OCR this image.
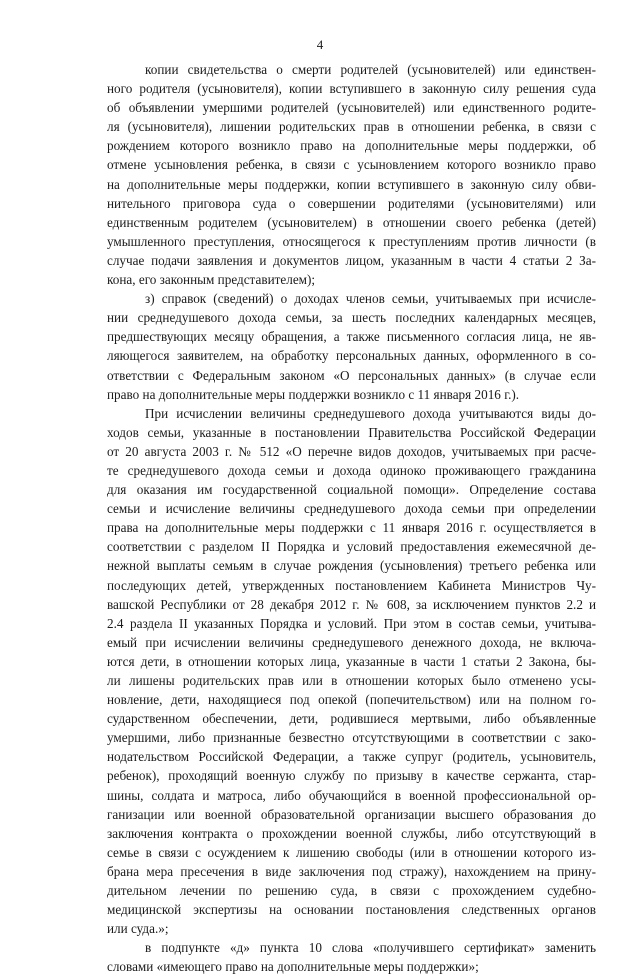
4
копии свидетельства о смерти родителей (усыновителей) или единствен-
ного родителя (усыновителя), копии вступившего в законную силу решения суда
об объявлении умершими родителей (усыновителей) или единственного родите-
ля (усыновителя), лишении родительских прав в отношении ребенка, в связи с
рождением которого возникло право на дополнительные меры поддержки, об
отмене усыновления ребенка, в связи с усыновлением которого возникло право
на дополнительные меры поддержки, копии вступившего в законную силу обви-
нительного приговора суда о совершении родителями (усыновителями) или
единственным родителем (усыновителем) в отношении своего ребенка (детей)
умышленного преступления, относящегося к преступлениям против личности (в
случае подачи заявления и документов лицом, указанным в части 4 статьи 2 За-
кона, его законным представителем);
з) справок (сведений) о доходах членов семьи, учитываемых при исчисле-
нии среднедушевого дохода семьи, за шесть последних календарных месяцев,
предшествующих месяцу обращения, а также письменного согласия лица, не яв-
ляющегося заявителем, на обработку персональных данных, оформленного в со-
ответствии с Федеральным законом «О персональных данных» (в случае если
право на дополнительные меры поддержки возникло с 11 января 2016 г.).
При исчислении величины среднедушевого дохода учитываются виды до-
ходов семьи, указанные в постановлении Правительства Российской Федерации
от 20 августа 2003 г. № 512 «О перечне видов доходов, учитываемых при расче-
те среднедушевого дохода семьи и дохода одиноко проживающего гражданина
для оказания им государственной социальной помощи». Определение состава
семьи и исчисление величины среднедушевого дохода семьи при определении
права на дополнительные меры поддержки с 11 января 2016 г. осуществляется в
соответствии с разделом II Порядка и условий предоставления ежемесячной де-
нежной выплаты семьям в случае рождения (усыновления) третьего ребенка или
последующих детей, утвержденных постановлением Кабинета Министров Чу-
вашской Республики от 28 декабря 2012 г. № 608, за исключением пунктов 2.2 и
2.4 раздела II указанных Порядка и условий. При этом в состав семьи, учитыва-
емый при исчислении величины среднедушевого денежного дохода, не включа-
ются дети, в отношении которых лица, указанные в части 1 статьи 2 Закона, бы-
ли лишены родительских прав или в отношении которых было отменено усы-
новление, дети, находящиеся под опекой (попечительством) или на полном го-
сударственном обеспечении, дети, родившиеся мертвыми, либо объявленные
умершими, либо признанные безвестно отсутствующими в соответствии с зако-
нодательством Российской Федерации, а также супруг (родитель, усыновитель,
ребенок), проходящий военную службу по призыву в качестве сержанта, стар-
шины, солдата и матроса, либо обучающийся в военной профессиональной ор-
ганизации или военной образовательной организации высшего образования до
заключения контракта о прохождении военной службы, либо отсутствующий в
семье в связи с осуждением к лишению свободы (или в отношении которого из-
брана мера пресечения в виде заключения под стражу), нахождением на прину-
дительном лечении по решению суда, в связи с прохождением судебно-
медицинской экспертизы на основании постановления следственных органов
или суда.»;
в подпункте «д» пункта 10 слова «получившего сертификат» заменить
словами «имеющего право на дополнительные меры поддержки»;
